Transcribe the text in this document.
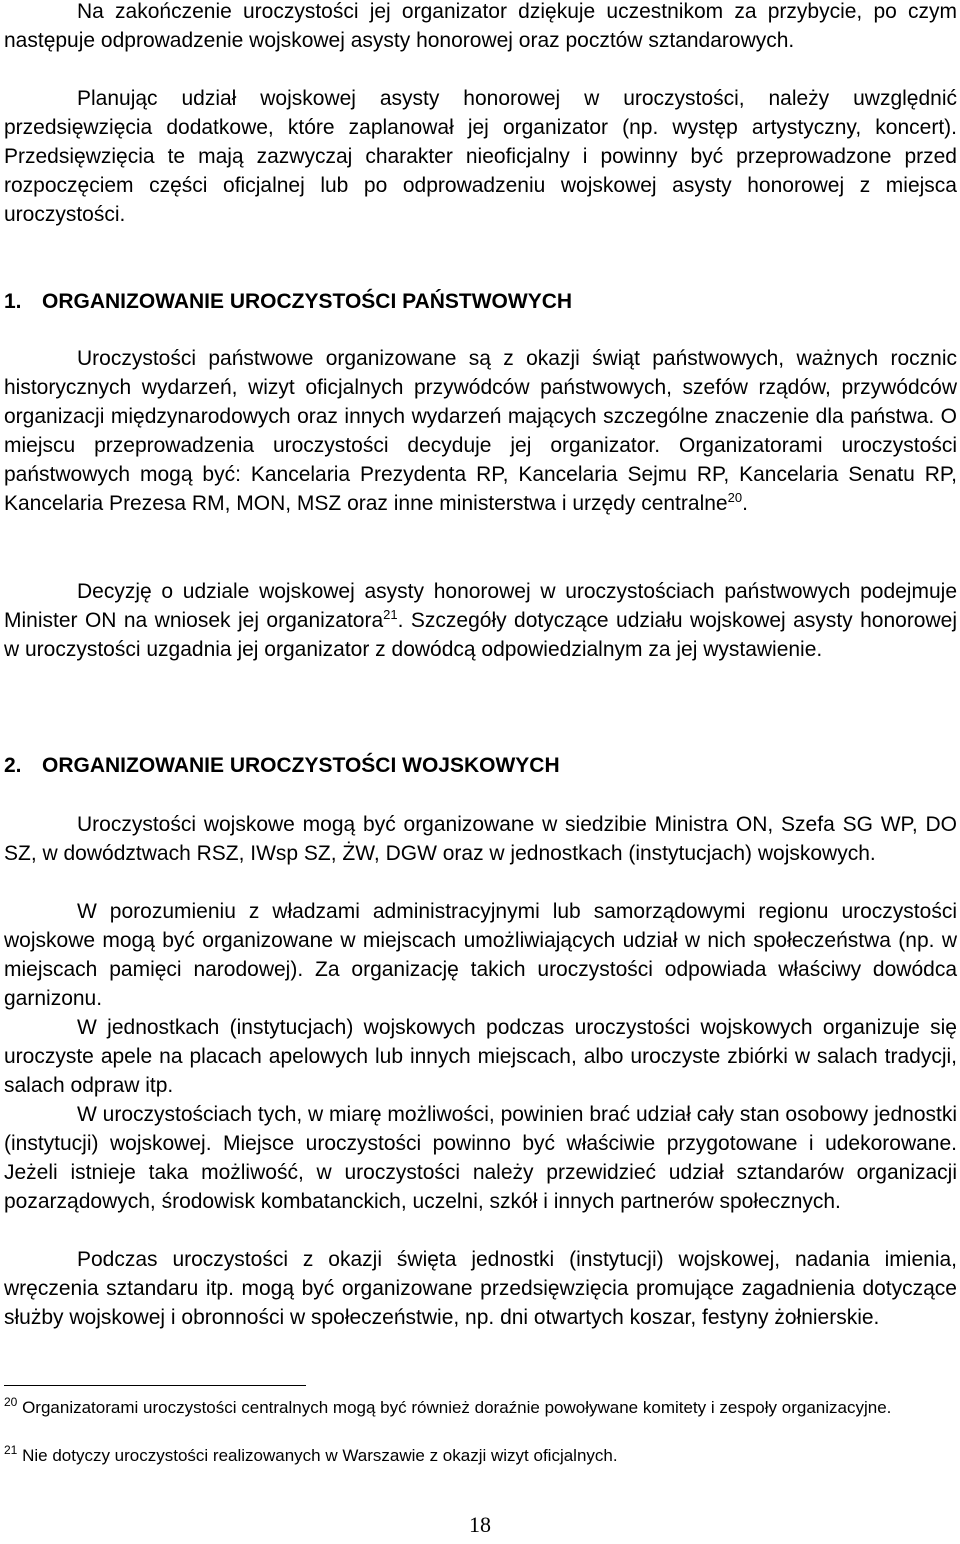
Na zakończenie uroczystości jej organizator dziękuje uczestnikom za przybycie, po czym następuje odprowadzenie wojskowej asysty honorowej oraz pocztów sztandarowych.

Planując udział wojskowej asysty honorowej w uroczystości, należy uwzględnić przedsięwzięcia dodatkowe, które zaplanował jej organizator (np. występ artystyczny, koncert). Przedsięwzięcia te mają zazwyczaj charakter nieoficjalny i powinny być przeprowadzone przed rozpoczęciem części oficjalnej lub po odprowadzeniu wojskowej asysty honorowej z miejsca uroczystości.

1. ORGANIZOWANIE UROCZYSTOŚCI PAŃSTWOWYCH

Uroczystości państwowe organizowane są z okazji świąt państwowych, ważnych rocznic historycznych wydarzeń, wizyt oficjalnych przywódców państwowych, szefów rządów, przywódców organizacji międzynarodowych oraz innych wydarzeń mających szczególne znaczenie dla państwa. O miejscu przeprowadzenia uroczystości decyduje jej organizator. Organizatorami uroczystości państwowych mogą być: Kancelaria Prezydenta RP, Kancelaria Sejmu RP, Kancelaria Senatu RP, Kancelaria Prezesa RM, MON, MSZ oraz inne ministerstwa i urzędy centralne$^{20}$.

Decyzję o udziale wojskowej asysty honorowej w uroczystościach państwowych podejmuje Minister ON na wniosek jej organizatora$^{21}$. Szczegóły dotyczące udziału wojskowej asysty honorowej w uroczystości uzgadnia jej organizator z dowódcą odpowiedzialnym za jej wystawienie.

2. ORGANIZOWANIE UROCZYSTOŚCI WOJSKOWYCH

Uroczystości wojskowe mogą być organizowane w siedzibie Ministra ON, Szefa SG WP, DO SZ, w dowództwach RSZ, IWsp SZ, ŻW, DGW oraz w jednostkach (instytucjach) wojskowych.

W porozumieniu z władzami administracyjnymi lub samorządowymi regionu uroczystości wojskowe mogą być organizowane w miejscach umożliwiających udział w nich społeczeństwa (np. w miejscach pamięci narodowej). Za organizację takich uroczystości odpowiada właściwy dowódca garnizonu.

W jednostkach (instytucjach) wojskowych podczas uroczystości wojskowych organizuje się uroczyste apele na placach apelowych lub innych miejscach, albo uroczyste zbiórki w salach tradycji, salach odpraw itp.

W uroczystościach tych, w miarę możliwości, powinien brać udział cały stan osobowy jednostki (instytucji) wojskowej. Miejsce uroczystości powinno być właściwie przygotowane i udekorowane. Jeżeli istnieje taka możliwość, w uroczystości należy przewidzieć udział sztandarów organizacji pozarządowych, środowisk kombatanckich, uczelni, szkół i innych partnerów społecznych.

Podczas uroczystości z okazji święta jednostki (instytucji) wojskowej, nadania imienia, wręczenia sztandaru itp. mogą być organizowane przedsięwzięcia promujące zagadnienia dotyczące służby wojskowej i obronności w społeczeństwie, np. dni otwartych koszar, festyny żołnierskie.

$^{20}$ Organizatorami uroczystości centralnych mogą być również doraźnie powoływane komitety i zespoły organizacyjne.

$^{21}$ Nie dotyczy uroczystości realizowanych w Warszawie z okazji wizyt oficjalnych.

18
